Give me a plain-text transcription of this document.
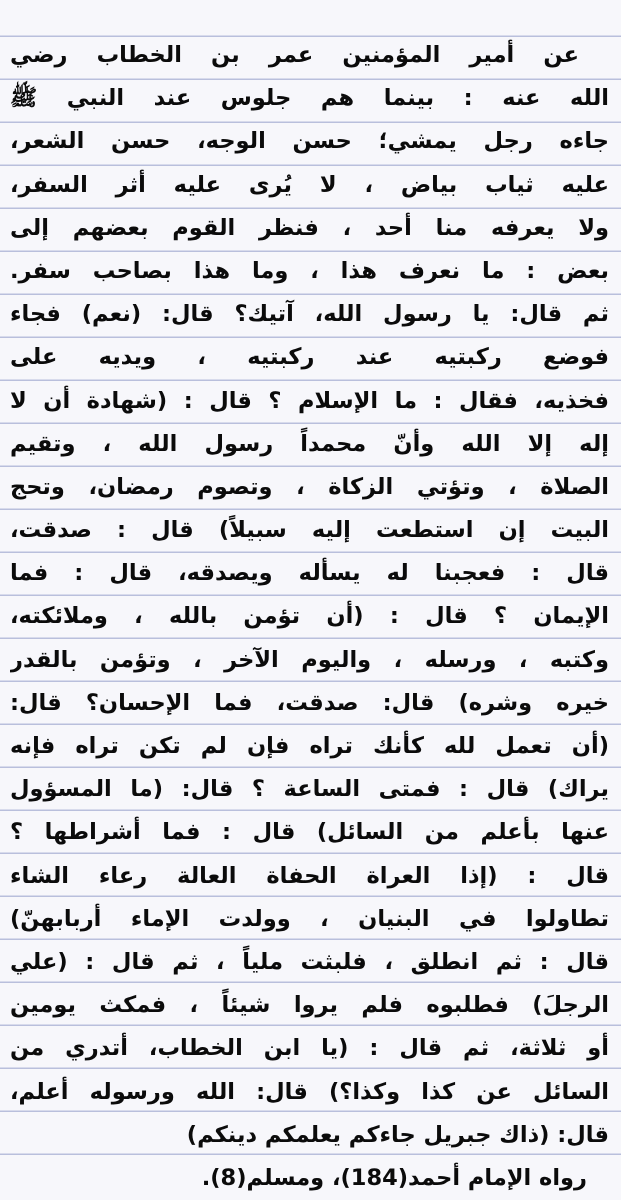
عن أمير المؤمنين عمر بن الخطاب رضي
الله عنه : بينما هم جلوس عند النبي ﷺ
جاءه رجل يمشي؛ حسن الوجه، حسن الشعر،
عليه ثياب بياض ، لا يُرى عليه أثر السفر،
ولا يعرفه منا أحد ، فنظر القوم بعضهم إلى
بعض : ما نعرف هذا ، وما هذا بصاحب سفر.
ثم قال: يا رسول الله، آتيك؟ قال: (نعم) فجاء
فوضع ركبتيه عند ركبتيه ، ويديه على
فخذيه، فقال : ما الإسلام ؟ قال : (شهادة أن لا
إله إلا الله وأنّ محمداً رسول الله ، وتقيم
الصلاة ، وتؤتي الزكاة ، وتصوم رمضان، وتحج
البيت إن استطعت إليه سبيلاً) قال : صدقت،
قال : فعجبنا له يسأله ويصدقه، قال : فما
الإيمان ؟ قال : (أن تؤمن بالله ، وملائكته،
وكتبه ، ورسله ، واليوم الآخر ، وتؤمن بالقدر
خيره وشره) قال: صدقت، فما الإحسان؟ قال:
(أن تعمل لله كأنك تراه فإن لم تكن تراه فإنه
يراك) قال : فمتى الساعة ؟ قال: (ما المسؤول
عنها بأعلم من السائل) قال : فما أشراطها ؟
قال : (إذا العراة الحفاة العالة رعاء الشاء
تطاولوا في البنيان ، وولدت الإماء أربابهنّ)
قال : ثم انطلق ، فلبثت ملياً ، ثم قال : (علي
الرجلَ) فطلبوه فلم يروا شيئاً ، فمكث يومين
أو ثلاثة، ثم قال : (يا ابن الخطاب، أتدري من
السائل عن كذا وكذا؟) قال: الله ورسوله أعلم،
قال: (ذاك جبريل جاءكم يعلمكم دينكم)
رواه الإمام أحمد(184)، ومسلم(8).
